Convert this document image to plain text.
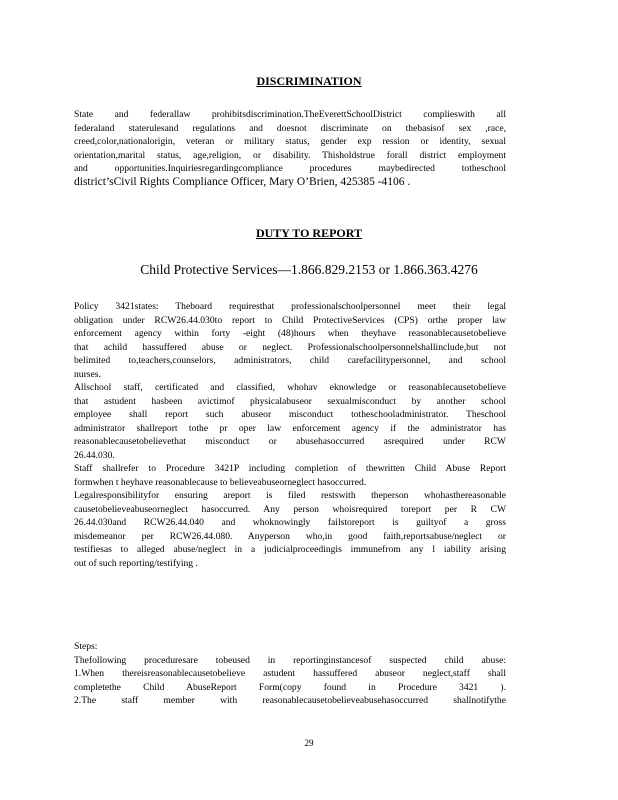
DISCRIMINATION
State and federallaw prohibitsdiscrimination.TheEverettSchoolDistrict complieswith all
federaland staterulesand regulations and doesnot discriminate on thebasisof sex ,race,
creed,color,nationalorigin, veteran or military status, gender exp ression or identity, sexual
orientation,marital status, age,religion, or disability. Thisholdstrue forall district employment
and opportunities.Inquiriesregardingcompliance procedures maybedirected totheschool
district’sCivil Rights Compliance Officer, Mary O’Brien, 425385 -4106 .
DUTY TO REPORT
Child Protective Services—1.866.829.2153 or 1.866.363.4276
Policy 3421states: Theboard requiresthat professionalschoolpersonnel meet their legal
obligation under RCW26.44.030to report to Child ProtectiveServices (CPS) orthe proper law
enforcement agency within forty -eight (48)hours when theyhave reasonablecausetobelieve
that achild hassuffered abuse or neglect. Professionalschoolpersonnelshallinclude,but not
belimited to,teachers,counselors, administrators, child carefacilitypersonnel, and school
nurses.
Allschool staff, certificated and classified, whohav eknowledge or reasonablecausetobelieve
that astudent hasbeen avictimof physicalabuseor sexualmisconduct by another school
employee shall report such abuseor misconduct totheschooladministrator. Theschool
administrator shallreport tothe pr oper law enforcement agency if the administrator has
reasonablecausetobelievethat misconduct or abusehasoccurred asrequired under RCW
26.44.030.
Staff shallrefer to Procedure 3421P including completion of thewritten Child Abuse Report
formwhen t heyhave reasonablecause to believeabuseorneglect hasoccurred.
Legalresponsibilityfor ensuring areport is filed restswith theperson whohasthereasonable
causetobelieveabuseorneglect hasoccurred. Any person whoisrequired toreport per R CW
26.44.030and RCW26.44.040 and whoknowingly failstoreport is guiltyof a gross
misdemeanor per RCW26.44.080. Anyperson who,in good faith,reportsabuse/neglect or
testifiesas to alleged abuse/neglect in a judicialproceedingis immunefrom any l iability arising
out of such reporting/testifying .
Steps:
Thefollowing proceduresare tobeused in reportinginstancesof suspected child abuse:
1.When thereisreasonablecausetobelieve astudent hassuffered abuseor neglect,staff shall
completethe Child AbuseReport Form(copy found in Procedure 3421 ).
2.The staff member with reasonablecausetobelieveabusehasoccurred shallnotifythe
29
